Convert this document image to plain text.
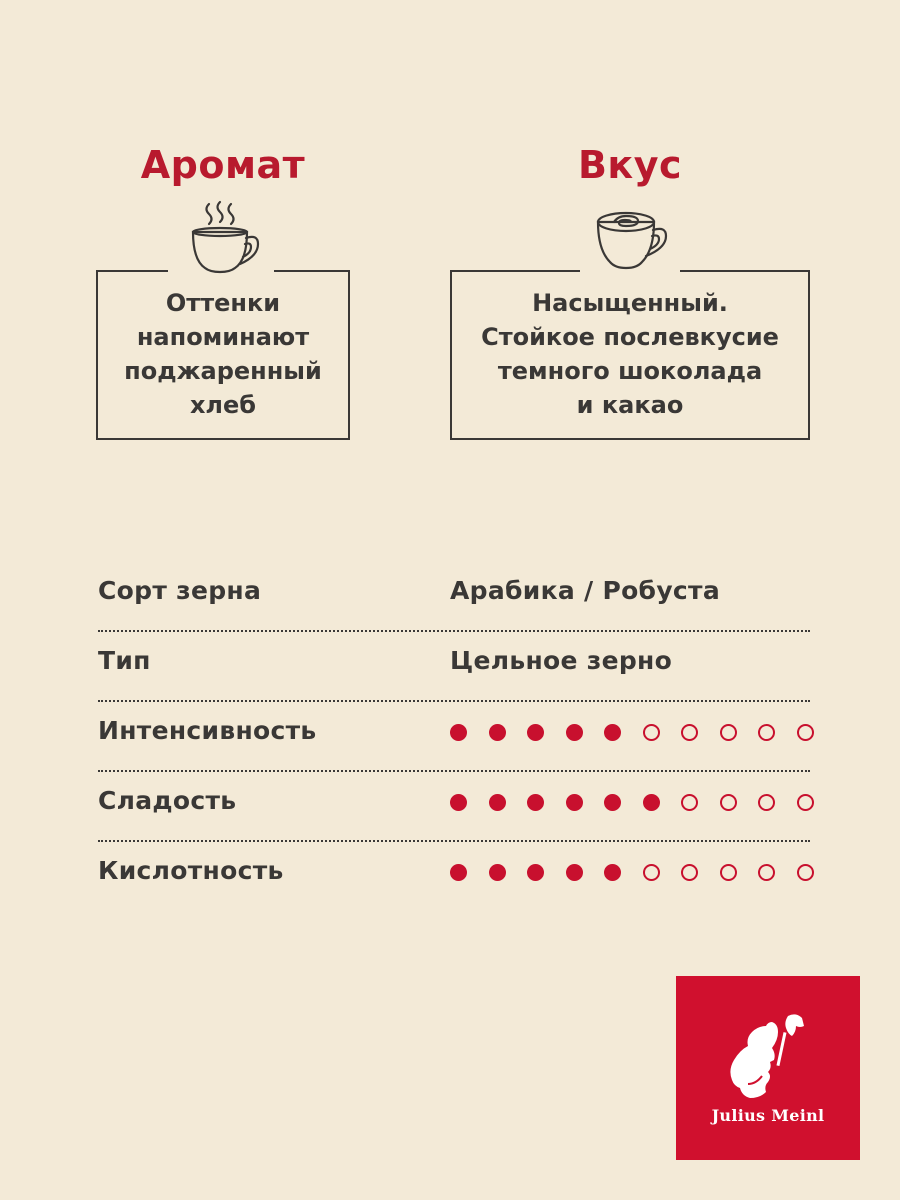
Аромат
Оттенки
напоминают
поджаренный
хлеб
Вкус
Насыщенный.
Стойкое послевкусие
темного шоколада
и какао
Сорт зерна	Арабика / Робуста
Тип	Цельное зерно
Интенсивность
Сладость
Кислотность
Julius Meinl
